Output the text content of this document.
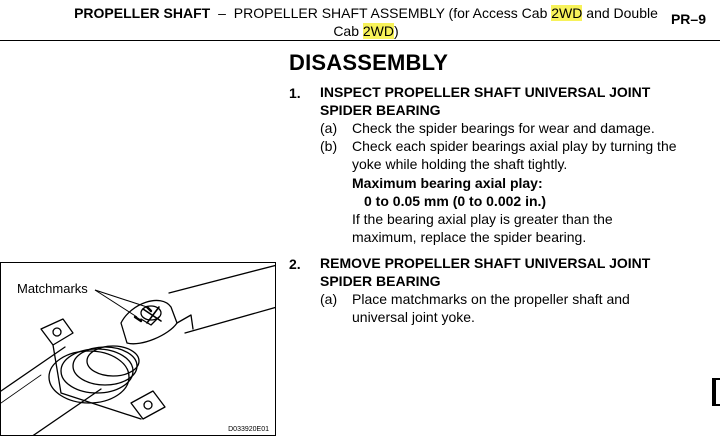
PROPELLER SHAFT – PROPELLER SHAFT ASSEMBLY (for Access Cab 2WD and Double
Cab 2WD)
PR–9
DISASSEMBLY
1. INSPECT PROPELLER SHAFT UNIVERSAL JOINT
SPIDER BEARING
(a) Check the spider bearings for wear and damage.
(b) Check each spider bearings axial play by turning the
yoke while holding the shaft tightly.
Maximum bearing axial play:
0 to 0.05 mm (0 to 0.002 in.)
If the bearing axial play is greater than the
maximum, replace the spider bearing.
2. REMOVE PROPELLER SHAFT UNIVERSAL JOINT
SPIDER BEARING
(a) Place matchmarks on the propeller shaft and
universal joint yoke.
Matchmarks
D033920E01
